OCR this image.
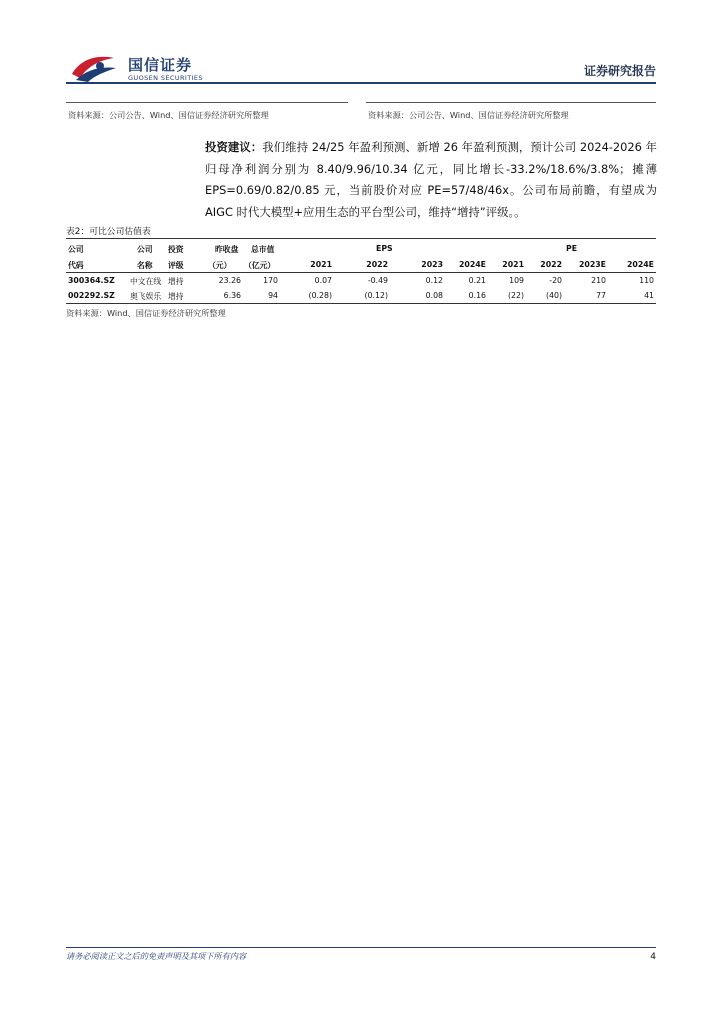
国信证券
GUOSEN SECURITIES	证券研究报告
资料来源：公司公告、Wind、国信证券经济研究所整理	资料来源：公司公告、Wind、国信证券经济研究所整理
投资建议：我们维持 24/25 年盈利预测、新增 26 年盈利预测，预计公司 2024-2026 年归母净利润分别为 8.40/9.96/10.34 亿元，同比增长-33.2%/18.6%/3.8%；摊薄 EPS=0.69/0.82/0.85 元，当前股价对应 PE=57/48/46x。公司布局前瞻，有望成为 AIGC 时代大模型+应用生态的平台型公司，维持“增持”评级。。
表2：可比公司估值表
公司	公司 投资	昨收盘 总市值	EPS	PE
代码	名称 评级	（元） （亿元）	2021	2022	2023	2024E	2021	2022	2023E	2024E
300364.SZ 中文在线 增持	23.26	170	0.07	-0.49	0.12	0.21	109	-20	210	110
002292.SZ 奥飞娱乐 增持	6.36	94	(0.28)	(0.12)	0.08	0.16	(22)	(40)	77	41
资料来源：Wind、国信证券经济研究所整理
请务必阅读正文之后的免责声明及其项下所有内容	4
